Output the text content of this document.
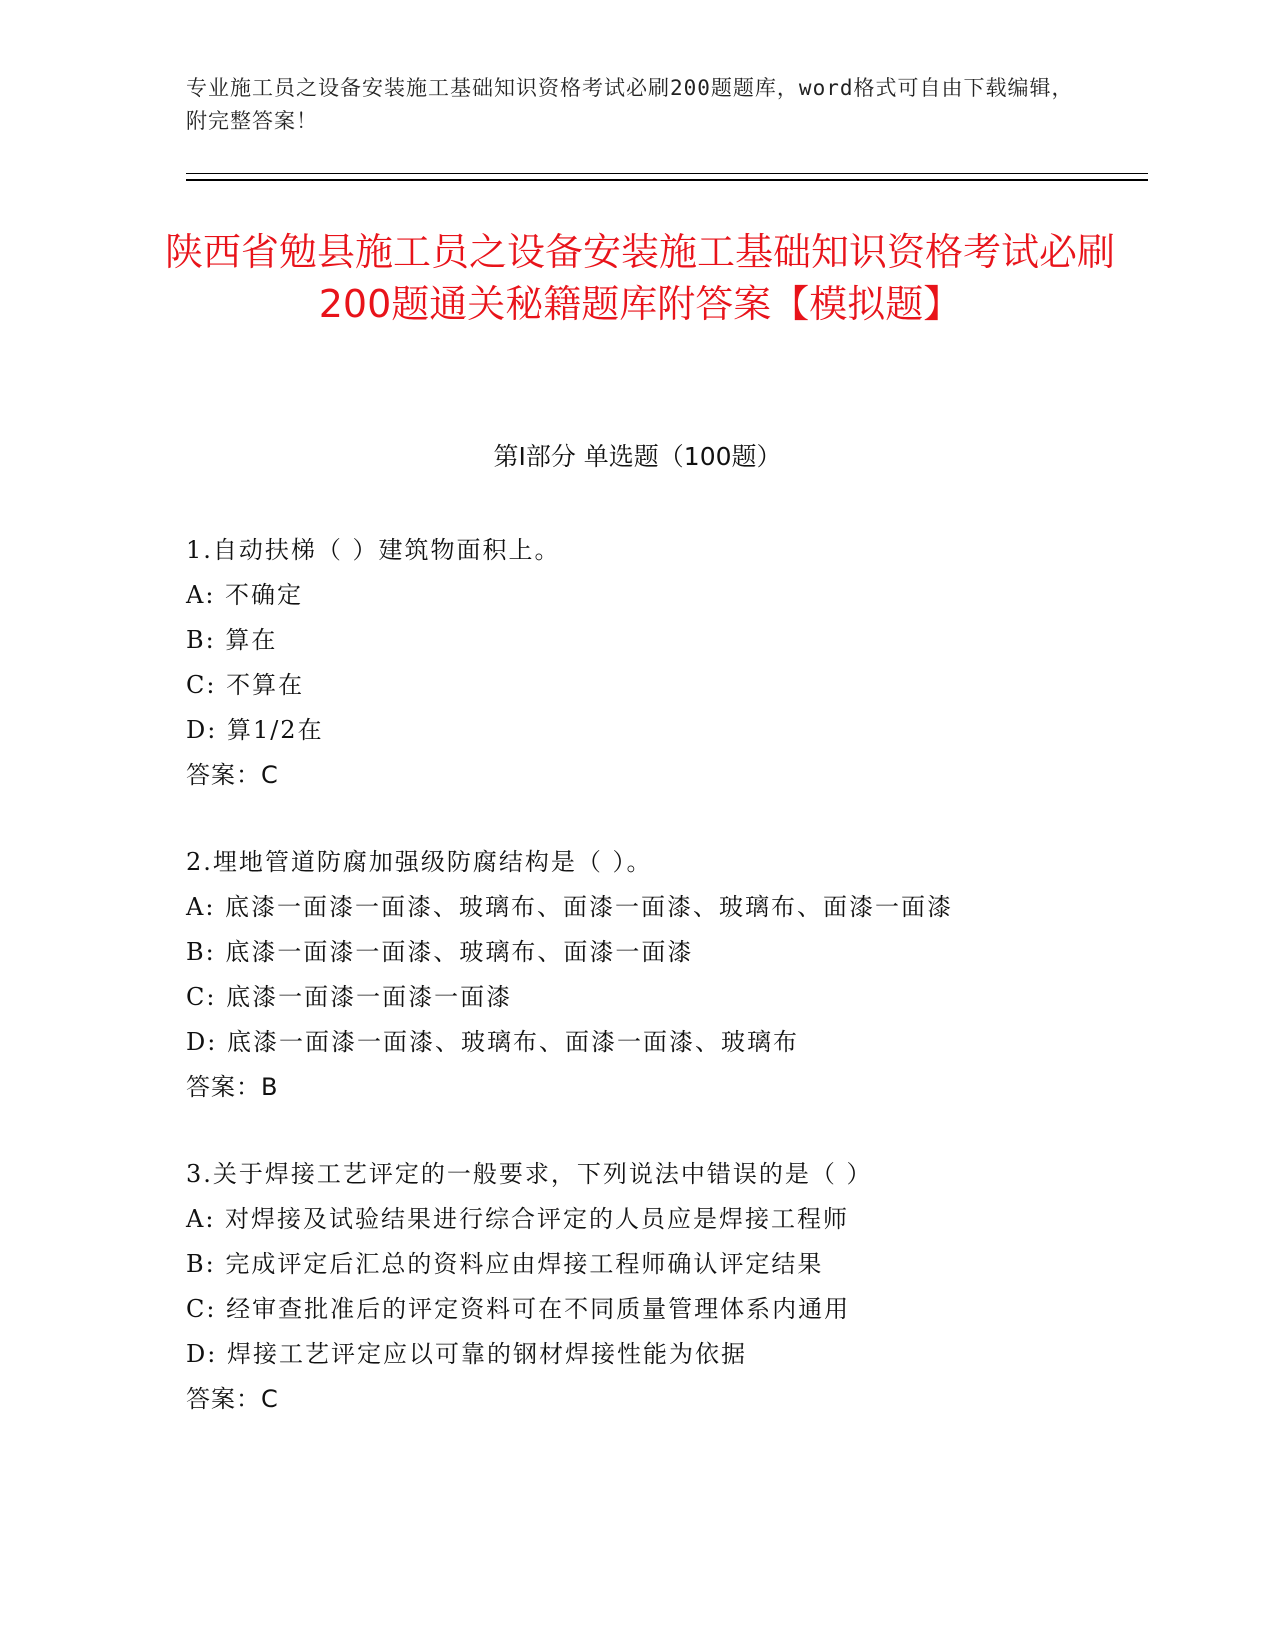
专业施工员之设备安装施工基础知识资格考试必刷200题题库，word格式可自由下载编辑，附完整答案！
陕西省勉县施工员之设备安装施工基础知识资格考试必刷200题通关秘籍题库附答案【模拟题】
第I部分 单选题（100题）
1.自动扶梯（ ）建筑物面积上。
A: 不确定
B: 算在
C: 不算在
D: 算1/2在
答案：C
2.埋地管道防腐加强级防腐结构是（ ）。
A: 底漆一面漆一面漆、玻璃布、面漆一面漆、玻璃布、面漆一面漆
B: 底漆一面漆一面漆、玻璃布、面漆一面漆
C: 底漆一面漆一面漆一面漆
D: 底漆一面漆一面漆、玻璃布、面漆一面漆、玻璃布
答案：B
3.关于焊接工艺评定的一般要求，下列说法中错误的是（ ）
A: 对焊接及试验结果进行综合评定的人员应是焊接工程师
B: 完成评定后汇总的资料应由焊接工程师确认评定结果
C: 经审查批准后的评定资料可在不同质量管理体系内通用
D: 焊接工艺评定应以可靠的钢材焊接性能为依据
答案：C
